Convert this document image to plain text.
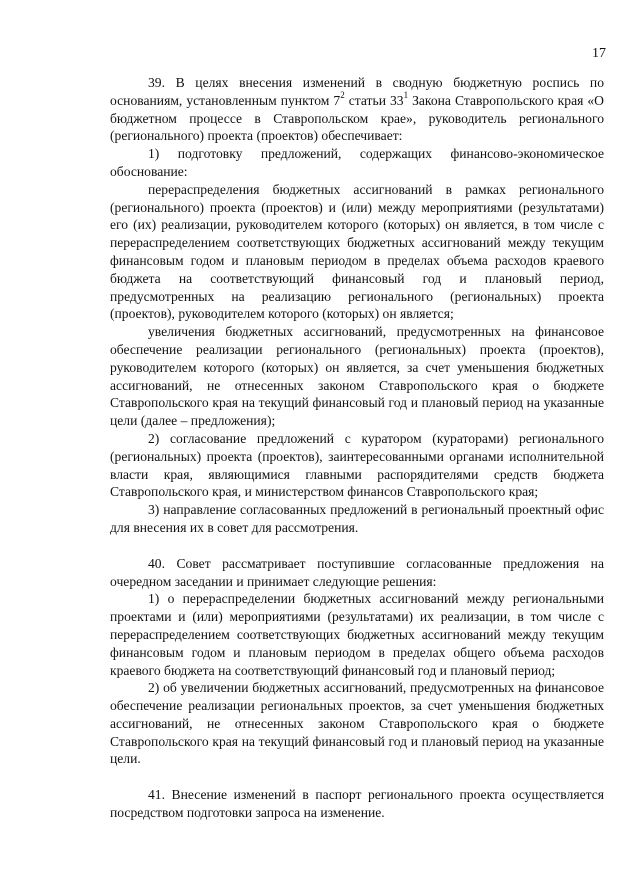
17

39. В целях внесения изменений в сводную бюджетную роспись по основаниям, установленным пунктом $7^2$ статьи $33^1$ Закона Ставропольского края «О бюджетном процессе в Ставропольском крае», руководитель регионального (регионального) проекта (проектов) обеспечивает:

1) подготовку предложений, содержащих финансово-экономическое обоснование:

перераспределения бюджетных ассигнований в рамках регионального (регионального) проекта (проектов) и (или) между мероприятиями (результатами) его (их) реализации, руководителем которого (которых) он является, в том числе с перераспределением соответствующих бюджетных ассигнований между текущим финансовым годом и плановым периодом в пределах объема расходов краевого бюджета на соответствующий финансовый год и плановый период, предусмотренных на реализацию регионального (региональных) проекта (проектов), руководителем которого (которых) он является;

увеличения бюджетных ассигнований, предусмотренных на финансовое обеспечение реализации регионального (региональных) проекта (проектов), руководителем которого (которых) он является, за счет уменьшения бюджетных ассигнований, не отнесенных законом Ставропольского края о бюджете Ставропольского края на текущий финансовый год и плановый период на указанные цели (далее – предложения);

2) согласование предложений с куратором (кураторами) регионального (региональных) проекта (проектов), заинтересованными органами исполнительной власти края, являющимися главными распорядителями средств бюджета Ставропольского края, и министерством финансов Ставропольского края;

3) направление согласованных предложений в региональный проектный офис для внесения их в совет для рассмотрения.

40. Совет рассматривает поступившие согласованные предложения на очередном заседании и принимает следующие решения:

1) о перераспределении бюджетных ассигнований между региональными проектами и (или) мероприятиями (результатами) их реализации, в том числе с перераспределением соответствующих бюджетных ассигнований между текущим финансовым годом и плановым периодом в пределах общего объема расходов краевого бюджета на соответствующий финансовый год и плановый период;

2) об увеличении бюджетных ассигнований, предусмотренных на финансовое обеспечение реализации региональных проектов, за счет уменьшения бюджетных ассигнований, не отнесенных законом Ставропольского края о бюджете Ставропольского края на текущий финансовый год и плановый период на указанные цели.

41. Внесение изменений в паспорт регионального проекта осуществляется посредством подготовки запроса на изменение.
